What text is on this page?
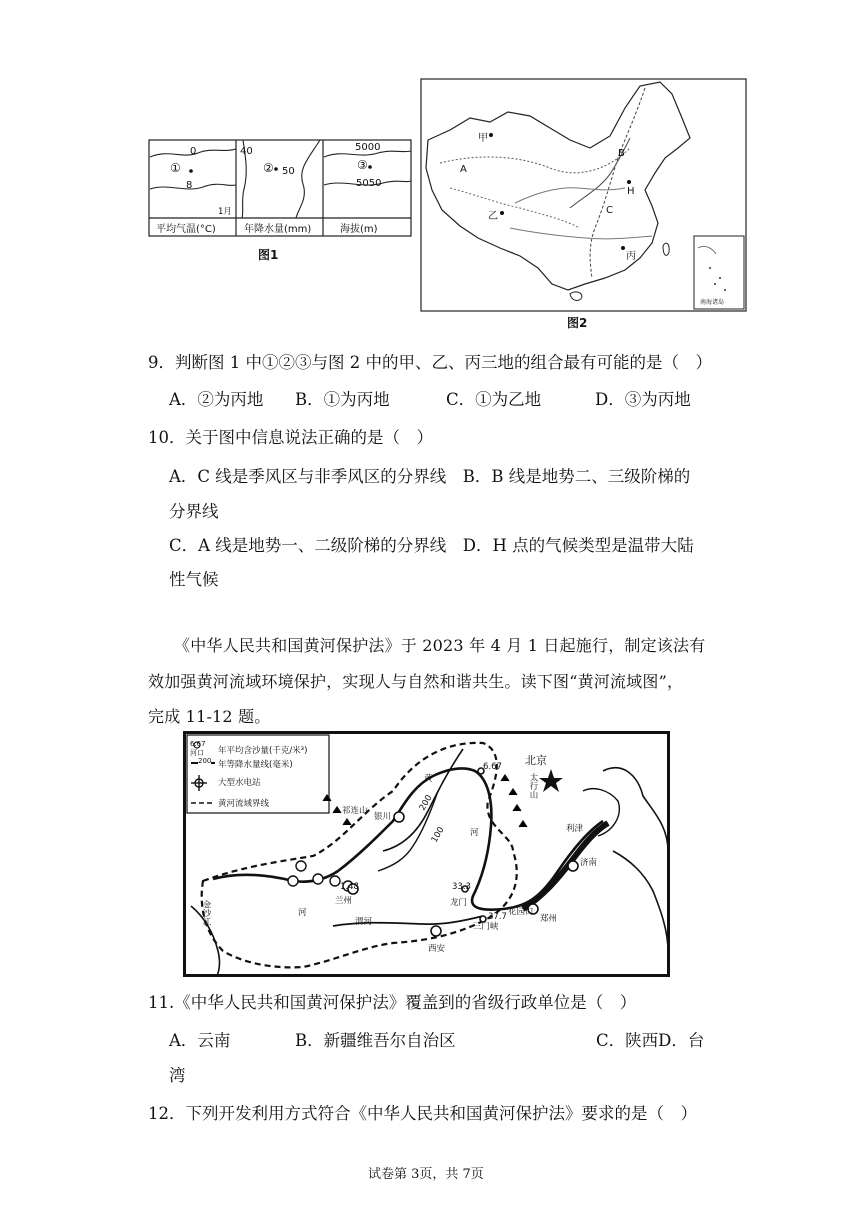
0
①
8
1月
40
② 50
5000
③
5050
平均气温(°C)	年降水量(mm)	海拔(m)
图1
甲
乙
丙
H
A
B
C
南海诸岛
图2
9．判断图 1 中①②③与图 2 中的甲、乙、丙三地的组合最有可能的是（　）
A．②为丙地 B．①为丙地	C．①为乙地	D．③为丙地
10．关于图中信息说法正确的是（　）
A．C 线是季风区与非季风区的分界线　B．B 线是地势二、三级阶梯的
分界线
C．A 线是地势一、二级阶梯的分界线　D．H 点的气候类型是温带大陆
性气候
《中华人民共和国黄河保护法》于 2023 年 4 月 1 日起施行，制定该法有
效加强黄河流域环境保护，实现人与自然和谐共生。读下图“黄河流域图”，
完成 11-12 题。
6.67 河口	年平均含沙量(千克/米³)
200 年等降水量线(毫米)
大型水电站
黄河流域界线
北京
太行山
祁连山
银川
兰州	龙门
西安
三门峡
花园口
郑州
济南
利津
金沙江
黄
河
渭河
河
200
100
1.48	33.3
37.7
6.67
11.《中华人民共和国黄河保护法》覆盖到的省级行政单位是（　）
A．云南	B．新疆维吾尔自治区	C．陕西D．台
湾
12．下列开发利用方式符合《中华人民共和国黄河保护法》要求的是（　）
试卷第 3页，共 7页
